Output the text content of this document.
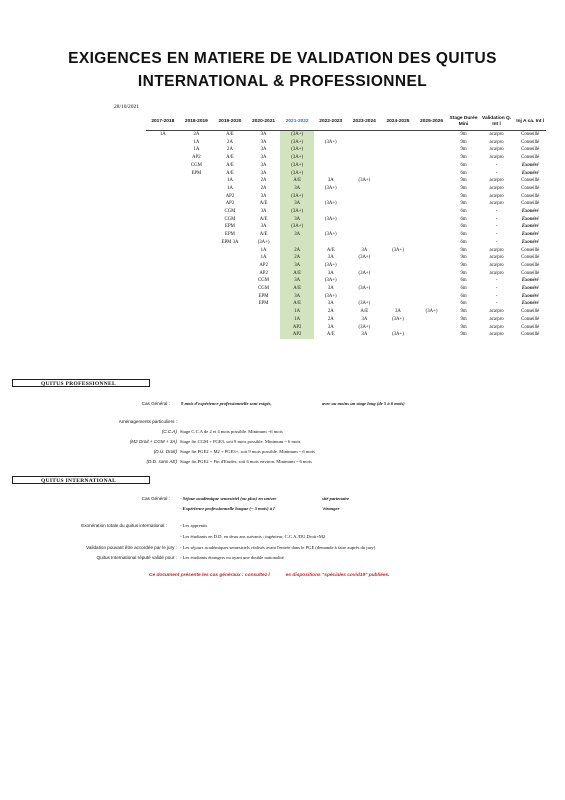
EXIGENCES EN MATIERE DE VALIDATION DES QUITUS
INTERNATIONAL & PROFESSIONNEL
28/10/2021
2017-2018	2018-2019	2019-2020	2020-2021	2021-2022	2022-2023	2023-2024	2024-2025	2025-2026	Stage Durée Mini	Validation Q. Int l	Inj A ca. Int l
1A	2A	A/E	3A	(3A+)					9m	aca/pro	Conseillé
	1A	2A	3A	(3A+)	(3A+)				9m	aca/pro	Conseillé
	1A	2A	3A	(3A+)					9m	aca/pro	Conseillé
	AP2	A/E	3A	(3A+)					9m	aca/pro	Conseillé
	CGM	A/E	3A	(3A+)					6m	-	Exonéré
	EPM	A/E	3A	(3A+)					6m	-	Exonéré
		1A	2A	A/E	3A	(3A+)			9m	aca/pro	Conseillé
		1A	2A	3A	(3A+)				9m	aca/pro	Conseillé
		AP2	3A	(3A+)					9m	aca/pro	Conseillé
		AP2	A/E	3A	(3A+)				9m	aca/pro	Conseillé
		CGM	3A	(3A+)					6m	-	Exonéré
		CGM	A/E	3A	(3A+)				6m	-	Exonéré
		EPM	3A	(3A+)					6m	-	Exonéré
		EPM	A/E	3A	(3A+)				6m	-	Exonéré
		EPM 3A	(3A+)						6m	-	Exonéré
			1A	2A	A/E	3A	(3A+)		9m	aca/pro	Conseillé
			1A	2A	3A	(3A+)			9m	aca/pro	Conseillé
			AP2	3A	(3A+)				9m	aca/pro	Conseillé
			AP2	A/E	3A	(3A+)			9m	aca/pro	Conseillé
			CGM	3A	(3A+)				6m	-	Exonéré
			CGM	A/E	3A	(3A+)			6m	-	Exonéré
			EPM	3A	(3A+)				6m	-	Exonéré
			EPM	A/E	3A	(3A+)			6m	-	Exonéré
				1A	2A	A/E	3A	(3A+)	9m	aca/pro	Conseillé
				1A	2A	3A	(3A+)		9m	aca/pro	Conseillé
				AP2	3A	(3A+)			9m	aca/pro	Conseillé
				AP2	A/E	3A	(3A+)		9m	aca/pro	Conseillé
QUITUS PROFESSIONNEL
Cas Général : 9 mois d'expérience professionnelle sont exigés,	avec au moins un stage long (de 5 à 6 mois)
Aménagements particuliers :
(C.C.A) Stage C.C.A de 2 et 4 mois possible. Minimum ~6 mois
(M2 Droit + CGM + 3A) Stage fin CGM + PGE3, soit 9 mois possible. Minimum ~ 6 mois
(D.U. Droit) Stage fin PGE2 + M2 + PGE3+, soit 9 mois possible. Minimum ~ 6 mois
(D.D. sans AE) Stage fin PGE2 + Fin d'Etudes, soit 6 mois environ. Minimum ~ 6 mois
QUITUS INTERNATIONAL
Cas Général : - Séjour académique semestriel (ou plus) en univer	sité partenaire
- Expérience professionnelle longue (~ 5 mois) à l	'étranger
Exonération totale du quitus international :	- Les apprentis
- Les étudiants en D.D. en deux ans suivants : ingénieur, C.C.A./DU Droit+M2
Validation pouvant être accordée par le jury : - Les séjours académiques semestriels réalisés avant l'entrée dans le PGE (demande à faire auprès du jury)
Quitus International réputé validé pour : - Les étudiants étrangers ou ayant une double nationalité
Ce document présente les cas généraux : consultez l	es dispositions "spéciales covid19" publiées.
